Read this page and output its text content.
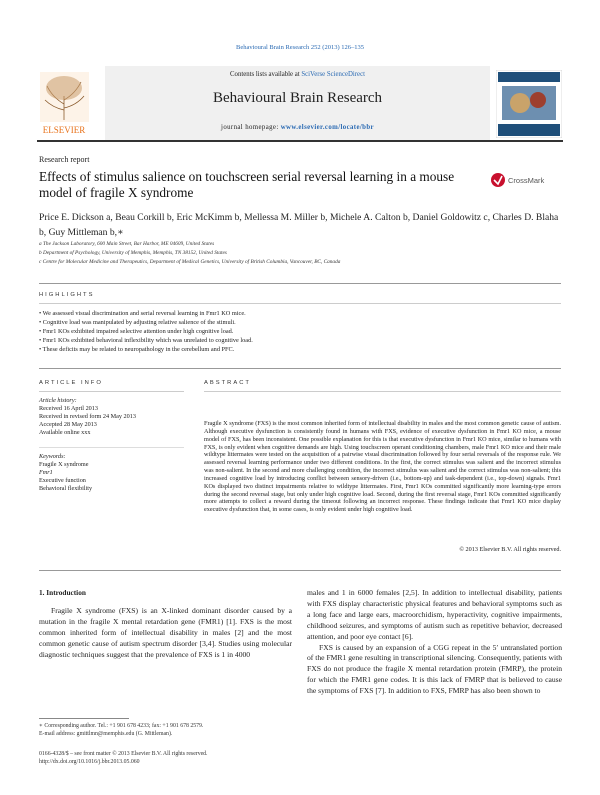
Behavioural Brain Research 252 (2013) 126–135
ELSEVIER
Contents lists available at SciVerse ScienceDirect
Behavioural Brain Research
journal homepage: www.elsevier.com/locate/bbr
Research report
Effects of stimulus salience on touchscreen serial reversal learning in a mouse model of fragile X syndrome
CrossMark
Price E. Dickson a, Beau Corkill b, Eric McKimm b, Mellessa M. Miller b, Michele A. Calton b, Daniel Goldowitz c, Charles D. Blaha b, Guy Mittleman b,∗
a The Jackson Laboratory, 600 Main Street, Bar Harbor, ME 04609, United States
b Department of Psychology, University of Memphis, Memphis, TN 38152, United States
c Centre for Molecular Medicine and Therapeutics, Department of Medical Genetics, University of British Columbia, Vancouver, BC, Canada
HIGHLIGHTS
• We assessed visual discrimination and serial reversal learning in Fmr1 KO mice.
• Cognitive load was manipulated by adjusting relative salience of the stimuli.
• Fmr1 KOs exhibited impaired selective attention under high cognitive load.
• Fmr1 KOs exhibited behavioral inflexibility which was unrelated to cognitive load.
• These deficits may be related to neuropathology in the cerebellum and PFC.
ARTICLE INFO	ABSTRACT
Article history:
Received 16 April 2013
Received in revised form 24 May 2013
Accepted 28 May 2013
Available online xxx
Keywords:
Fragile X syndrome
Fmr1
Executive function
Behavioral flexibility
Fragile X syndrome (FXS) is the most common inherited form of intellectual disability in males and the most common genetic cause of autism. Although executive dysfunction is consistently found in humans with FXS, evidence of executive dysfunction in Fmr1 KO mice, a mouse model of FXS, has been inconsistent. One possible explanation for this is that executive dysfunction in Fmr1 KO mice, similar to humans with FXS, is only evident when cognitive demands are high. Using touchscreen operant conditioning chambers, male Fmr1 KO mice and their male wildtype littermates were tested on the acquisition of a pairwise visual discrimination followed by four serial reversals of the response rule. We assessed reversal learning performance under two different conditions. In the first, the correct stimulus was salient and the incorrect stimulus was non-salient. In the second and more challenging condition, the incorrect stimulus was salient and the correct stimulus was non-salient; this increased cognitive load by introducing conflict between sensory-driven (i.e., bottom-up) and task-dependent (i.e., top-down) signals. Fmr1 KOs displayed two distinct impairments relative to wildtype littermates. First, Fmr1 KOs committed significantly more learning-type errors during the second reversal stage, but only under high cognitive load. Second, during the first reversal stage, Fmr1 KOs committed significantly more attempts to collect a reward during the timeout following an incorrect response. These findings indicate that Fmr1 KO mice display executive dysfunction that, in some cases, is only evident under high cognitive load.
© 2013 Elsevier B.V. All rights reserved.
1. Introduction

Fragile X syndrome (FXS) is an X-linked dominant disorder caused by a mutation in the fragile X mental retardation gene (FMR1) [1]. FXS is the most common inherited form of intellectual disability in males [2] and the most common genetic cause of autism spectrum disorder [3,4]. Studies using molecular diagnostic techniques suggest that the prevalence of FXS is 1 in 4000

males and 1 in 6000 females [2,5]. In addition to intellectual disability, patients with FXS display characteristic physical features and behavioral symptoms such as a long face and large ears, macroorchidism, hyperactivity, cognitive impairments, childhood seizures, and symptoms of autism such as repetitive behavior, decreased attention, and poor eye contact [6].

FXS is caused by an expansion of a CGG repeat in the 5′ untranslated portion of the FMR1 gene resulting in transcriptional silencing. Consequently, patients with FXS do not produce the fragile X mental retardation protein (FMRP), the protein for which the FMR1 gene codes. It is this lack of FMRP that is believed to cause the symptoms of FXS [7]. In addition to FXS, FMRP has also been shown to

∗ Corresponding author. Tel.: +1 901 678 4233; fax: +1 901 678 2579.
E-mail address: gmittlmn@memphis.edu (G. Mittleman).
0166-4328/$ – see front matter © 2013 Elsevier B.V. All rights reserved.
http://dx.doi.org/10.1016/j.bbr.2013.05.060
